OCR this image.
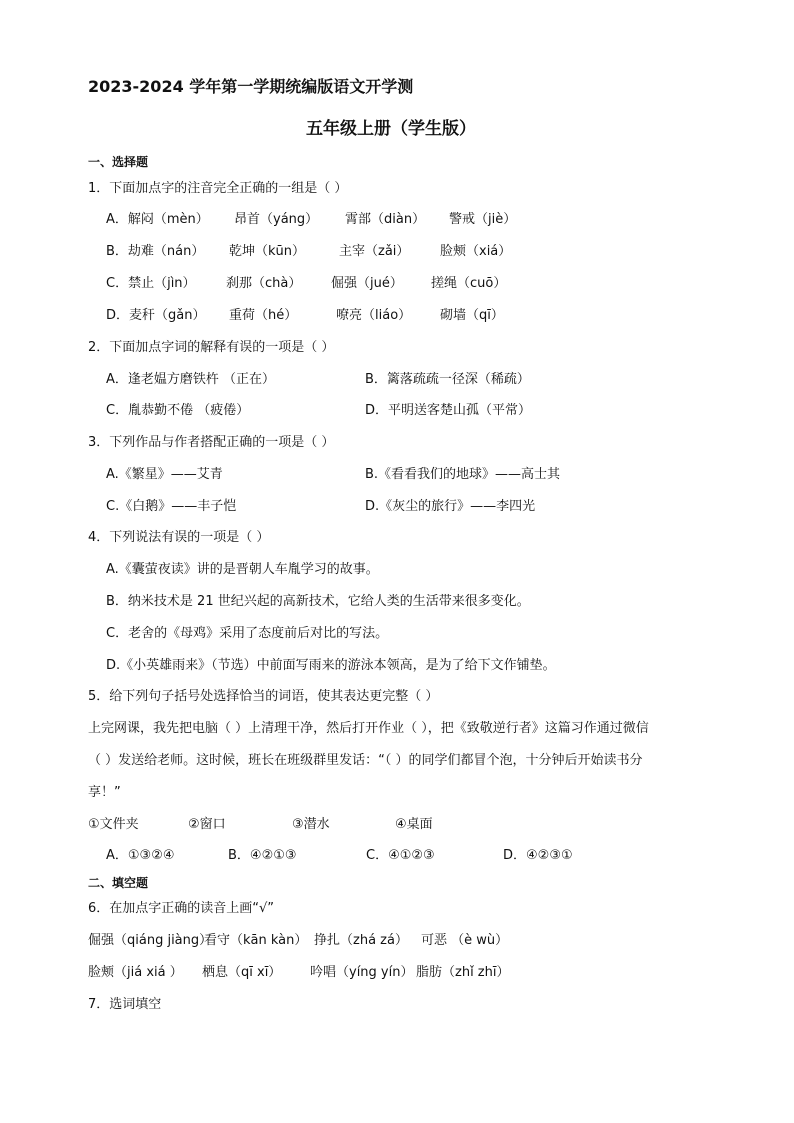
2023-2024 学年第一学期统编版语文开学测
五年级上册（学生版）
一、选择题
1．下面加点字的注音完全正确的一组是（ ）
A．解闷（mèn） 昂首（yáng） 霄部（diàn） 警戒（jiè）
B．劫难（nán） 乾坤（kūn）	主宰（zǎi） 脸颊（xiá）
C．禁止（jìn） 刹那（chà） 倔强（jué） 搓绳（cuō）
D．麦秆（gǎn） 重荷（hé）	嘹亮（liáo） 砌墙（qī）
2．下面加点字词的解释有误的一项是（ ）
A．逢老媪方磨铁杵 （正在）	B．篱落疏疏一径深（稀疏）
C．胤恭勤不倦 （疲倦）	D．平明送客楚山孤（平常）
3．下列作品与作者搭配正确的一项是（ ）
A.《繁星》——艾青	B.《看看我们的地球》——高士其
C.《白鹅》——丰子恺	D.《灰尘的旅行》——李四光
4．下列说法有误的一项是（ ）
A.《囊萤夜读》讲的是晋朝人车胤学习的故事。
B．纳米技术是 21 世纪兴起的高新技术，它给人类的生活带来很多变化。
C．老舍的《母鸡》采用了态度前后对比的写法。
D.《小英雄雨来》（节选）中前面写雨来的游泳本领高，是为了给下文作铺垫。
5．给下列句子括号处选择恰当的词语，使其表达更完整（ ）
上完网课，我先把电脑（ ）上清理干净，然后打开作业（ ），把《致敬逆行者》这篇习作通过微信
（ ）发送给老师。这时候，班长在班级群里发话：“（ ）的同学们都冒个泡，十分钟后开始读书分
享！”
①文件夹	②窗口	③潜水	④桌面
A．①③②④	B．④②①③	C．④①②③	D．④②③①
二、填空题
6．在加点字正确的读音上画“√”
倔强（qiáng jiàng）
看守（kān kàn） 挣扎（zhá zá） 可恶 （è wù）
脸颊（jiá xiá ） 栖息（qī xī） 吟唱（yíng yín） 脂肪（zhǐ zhī）
7．选词填空
